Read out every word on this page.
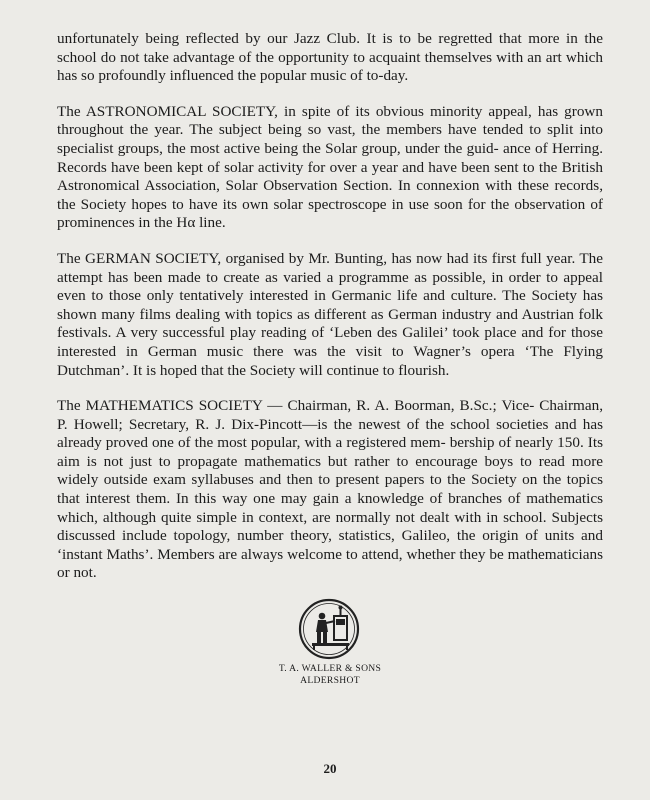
unfortunately being reflected by our Jazz Club. It is to be regretted that more in the school do not take advantage of the opportunity to acquaint themselves with an art which has so profoundly influenced the popular music of to-day.

The ASTRONOMICAL SOCIETY, in spite of its obvious minority appeal, has grown throughout the year. The subject being so vast, the members have tended to split into specialist groups, the most active being the Solar group, under the guid- ance of Herring. Records have been kept of solar activity for over a year and have been sent to the British Astronomical Association, Solar Observation Section. In connexion with these records, the Society hopes to have its own solar spectroscope in use soon for the observation of prominences in the Hα line.

The GERMAN SOCIETY, organised by Mr. Bunting, has now had its first full year. The attempt has been made to create as varied a programme as possible, in order to appeal even to those only tentatively interested in Germanic life and culture. The Society has shown many films dealing with topics as different as German industry and Austrian folk festivals. A very successful play reading of ‘Leben des Galilei’ took place and for those interested in German music there was the visit to Wagner’s opera ‘The Flying Dutchman’. It is hoped that the Society will continue to flourish.

The MATHEMATICS SOCIETY — Chairman, R. A. Boorman, B.Sc.; Vice- Chairman, P. Howell; Secretary, R. J. Dix-Pincott—is the newest of the school societies and has already proved one of the most popular, with a registered mem- bership of nearly 150. Its aim is not just to propagate mathematics but rather to encourage boys to read more widely outside exam syllabuses and then to present papers to the Society on the topics that interest them. In this way one may gain a knowledge of branches of mathematics which, although quite simple in context, are normally not dealt with in school. Subjects discussed include topology, number theory, statistics, Galileo, the origin of units and ‘instant Maths’. Members are always welcome to attend, whether they be mathematicians or not.

T. A. WALLER & SONS
ALDERSHOT
20
